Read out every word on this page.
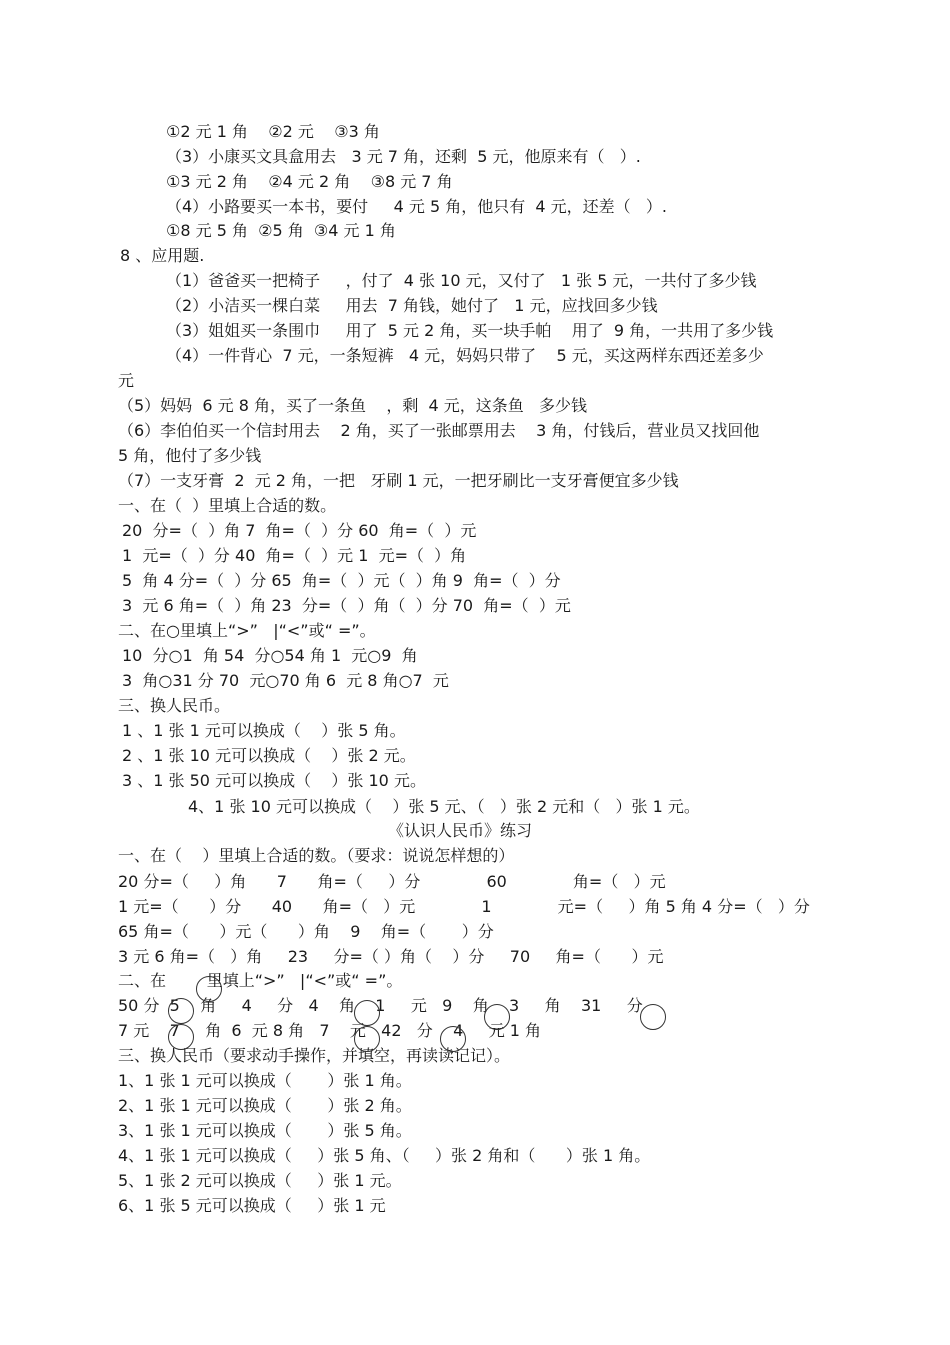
①2 元 1 角    ②2 元    ③3 角
（3）小康买文具盒用去   3 元 7 角，还剩  5 元，他原来有（   ）.
①3 元 2 角    ②4 元 2 角    ③8 元 7 角
（4）小路要买一本书，要付     4 元 5 角，他只有  4 元，还差（   ）.
①8 元 5 角  ②5 角  ③4 元 1 角
8 、应用题.
（1）爸爸买一把椅子     ，付了  4 张 10 元，又付了   1 张 5 元，一共付了多少钱
（2）小洁买一棵白菜     用去  7 角钱，她付了   1 元，应找回多少钱
（3）姐姐买一条围巾     用了  5 元 2 角，买一块手帕    用了  9 角，一共用了多少钱
（4）一件背心  7 元，一条短裤   4 元，妈妈只带了    5 元，买这两样东西还差多少
元
（5）妈妈  6 元 8 角，买了一条鱼    ，剩  4 元，这条鱼   多少钱
（6）李伯伯买一个信封用去    2 角，买了一张邮票用去    3 角，付钱后，营业员又找回他
5 角，他付了多少钱
（7）一支牙膏  2  元 2 角，一把   牙刷 1 元，一把牙刷比一支牙膏便宜多少钱
一、在（  ）里填上合适的数。
20  分=（  ）角 7  角=（  ）分 60  角=（  ）元
1  元=（  ）分 40  角=（  ）元 1  元=（  ）角
5  角 4 分=（  ）分 65  角=（  ）元（  ）角 9  角=（  ）分
3  元 6 角=（  ）角 23  分=（  ）角（  ）分 70  角=（  ）元
二、在○里填上“>”   |“<”或“ =”。
10  分○1  角 54  分○54 角 1  元○9  角
3  角○31 分 70  元○70 角 6  元 8 角○7  元
三、换人民币。
1 、1 张 1 元可以换成（    ）张 5 角。
2 、1 张 10 元可以换成（    ）张 2 元。
3 、1 张 50 元可以换成（    ）张 10 元。
4、1 张 10 元可以换成（    ）张 5 元、（   ）张 2 元和（   ）张 1 元。
《认识人民币》练习
一、在（    ）里填上合适的数。（要求：说说怎样想的）
20 分=（     ）角      7      角=（     ）分             60             角=（   ）元
1 元=（      ）分      40      角=（   ）元             1             元=（     ）角 5 角 4 分=（   ）分
65 角=（      ）元（      ）角    9    角=（       ）分
3 元 6 角=（   ）角     23     分=（ ）角（    ）分     70     角=（      ）元
二、在        里填上“>”   |“<”或“ =”。
50 分  5    角     4     分   4    角    1     元   9    角    3     角    31     分
7 元    7     角  6  元 8 角   7    元   42   分    4     元 1 角
三、换人民币（要求动手操作，并填空，再读读记记）。
1、1 张 1 元可以换成（       ）张 1 角。
2、1 张 1 元可以换成（       ）张 2 角。
3、1 张 1 元可以换成（       ）张 5 角。
4、1 张 1 元可以换成（     ）张 5 角、（     ）张 2 角和（      ）张 1 角。
5、1 张 2 元可以换成（     ）张 1 元。
6、1 张 5 元可以换成（     ）张 1 元
